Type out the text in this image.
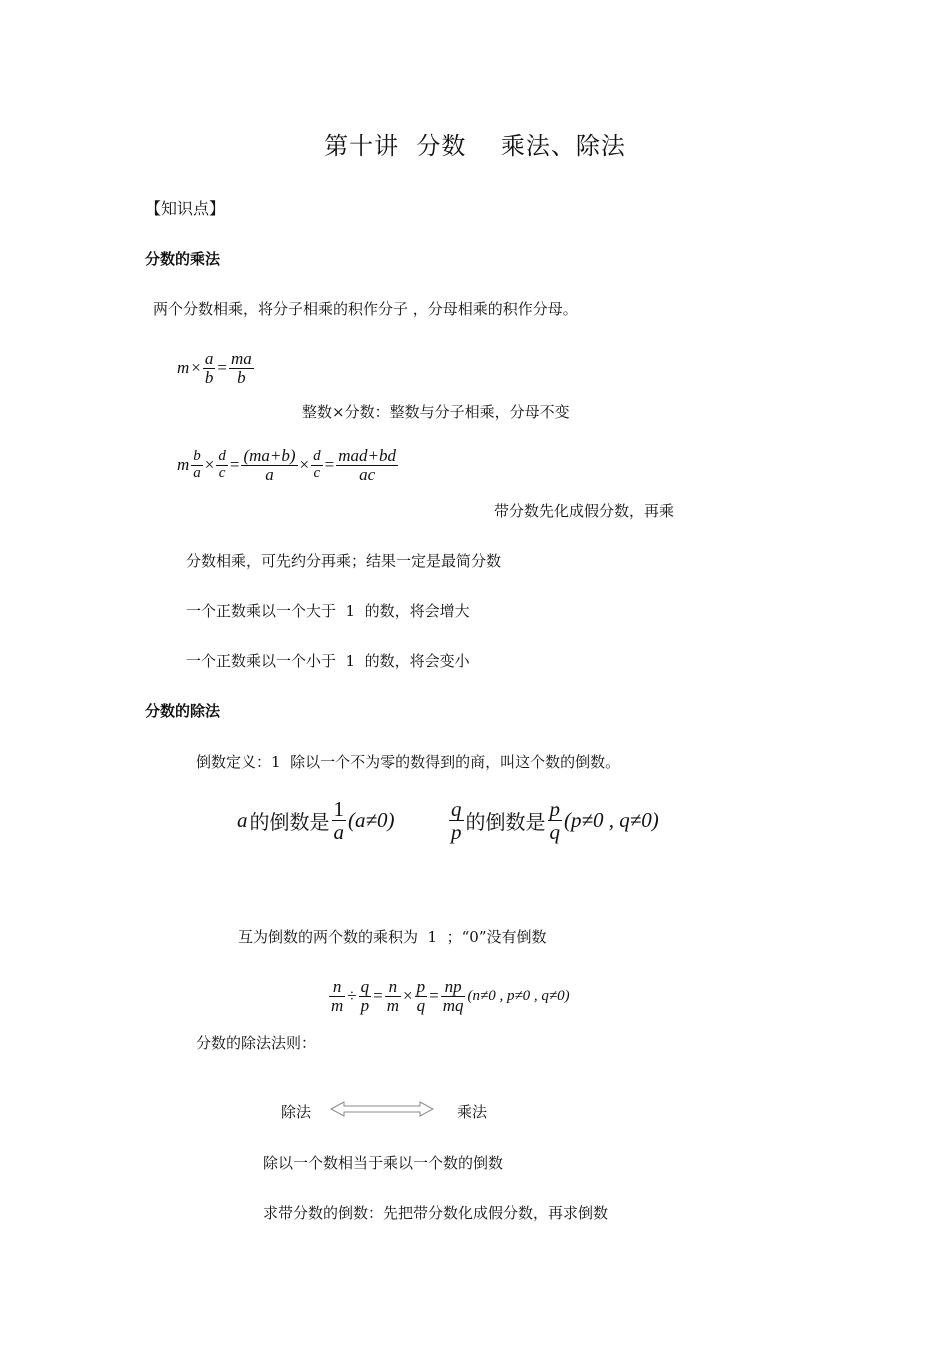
第十讲  分数    乘法、除法
【知识点】
分数的乘法
两个分数相乘，将分子相乘的积作分子 ，分母相乘的积作分母。
$m \times \frac{a}{b} = \frac{ma}{b}$
整数×分数：整数与分子相乘，分母不变
m $\frac{b}{a} \times \frac{d}{c} = \frac{(ma+b)}{a} \times \frac{d}{c} = \frac{\text{mad+bd}}{ac}$
带分数先化成假分数，再乘
分数相乘，可先约分再乘；结果一定是最简分数
一个正数乘以一个大于  1  的数，将会增大
一个正数乘以一个小于  1  的数，将会变小
分数的除法
倒数定义：1  除以一个不为零的数得到的商，叫这个数的倒数。
a 的倒数是 $\frac{1}{a} (a\ne 0)$	$\frac{q}{p}$ 的倒数是 $\frac{p}{q} (p\ne 0$ , q≠0)
互为倒数的两个数的乘积为  1  ；“0”没有倒数
$\frac{n}{m} \div \frac{q}{p} = \frac{n}{m} \times \frac{p}{q} = \frac{np}{mq} (n\ne 0$ , p≠0 , q≠0)
分数的除法法则：
除法	乘法
除以一个数相当于乘以一个数的倒数
求带分数的倒数：先把带分数化成假分数，再求倒数
